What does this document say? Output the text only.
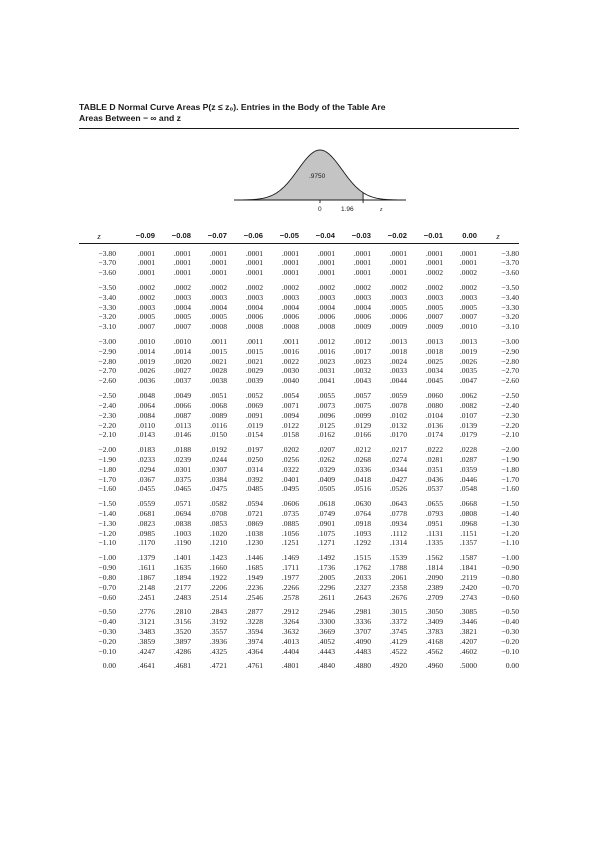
TABLE D Normal Curve Areas P(z ≤ z₀). Entries in the Body of the Table Are
Areas Between − ∞ and z
.9750
0	1.96	z
z	−0.09	−0.08	−0.07	−0.06	−0.05	−0.04	−0.03	−0.02	−0.01	0.00	z

−3.80	.0001	.0001	.0001	.0001	.0001	.0001	.0001	.0001	.0001	.0001	−3.80
−3.70	.0001	.0001	.0001	.0001	.0001	.0001	.0001	.0001	.0001	.0001	−3.70
−3.60	.0001	.0001	.0001	.0001	.0001	.0001	.0001	.0001	.0002	.0002	−3.60

−3.50	.0002	.0002	.0002	.0002	.0002	.0002	.0002	.0002	.0002	.0002	−3.50
−3.40	.0002	.0003	.0003	.0003	.0003	.0003	.0003	.0003	.0003	.0003	−3.40
−3.30	.0003	.0004	.0004	.0004	.0004	.0004	.0004	.0005	.0005	.0005	−3.30
−3.20	.0005	.0005	.0005	.0006	.0006	.0006	.0006	.0006	.0007	.0007	−3.20
−3.10	.0007	.0007	.0008	.0008	.0008	.0008	.0009	.0009	.0009	.0010	−3.10

−3.00	.0010	.0010	.0011	.0011	.0011	.0012	.0012	.0013	.0013	.0013	−3.00
−2.90	.0014	.0014	.0015	.0015	.0016	.0016	.0017	.0018	.0018	.0019	−2.90
−2.80	.0019	.0020	.0021	.0021	.0022	.0023	.0023	.0024	.0025	.0026	−2.80
−2.70	.0026	.0027	.0028	.0029	.0030	.0031	.0032	.0033	.0034	.0035	−2.70
−2.60	.0036	.0037	.0038	.0039	.0040	.0041	.0043	.0044	.0045	.0047	−2.60

−2.50	.0048	.0049	.0051	.0052	.0054	.0055	.0057	.0059	.0060	.0062	−2.50
−2.40	.0064	.0066	.0068	.0069	.0071	.0073	.0075	.0078	.0080	.0082	−2.40
−2.30	.0084	.0087	.0089	.0091	.0094	.0096	.0099	.0102	.0104	.0107	−2.30
−2.20	.0110	.0113	.0116	.0119	.0122	.0125	.0129	.0132	.0136	.0139	−2.20
−2.10	.0143	.0146	.0150	.0154	.0158	.0162	.0166	.0170	.0174	.0179	−2.10

−2.00	.0183	.0188	.0192	.0197	.0202	.0207	.0212	.0217	.0222	.0228	−2.00
−1.90	.0233	.0239	.0244	.0250	.0256	.0262	.0268	.0274	.0281	.0287	−1.90
−1.80	.0294	.0301	.0307	.0314	.0322	.0329	.0336	.0344	.0351	.0359	−1.80
−1.70	.0367	.0375	.0384	.0392	.0401	.0409	.0418	.0427	.0436	.0446	−1.70
−1.60	.0455	.0465	.0475	.0485	.0495	.0505	.0516	.0526	.0537	.0548	−1.60

−1.50	.0559	.0571	.0582	.0594	.0606	.0618	.0630	.0643	.0655	.0668	−1.50
−1.40	.0681	.0694	.0708	.0721	.0735	.0749	.0764	.0778	.0793	.0808	−1.40
−1.30	.0823	.0838	.0853	.0869	.0885	.0901	.0918	.0934	.0951	.0968	−1.30
−1.20	.0985	.1003	.1020	.1038	.1056	.1075	.1093	.1112	.1131	.1151	−1.20
−1.10	.1170	.1190	.1210	.1230	.1251	.1271	.1292	.1314	.1335	.1357	−1.10

−1.00	.1379	.1401	.1423	.1446	.1469	.1492	.1515	.1539	.1562	.1587	−1.00
−0.90	.1611	.1635	.1660	.1685	.1711	.1736	.1762	.1788	.1814	.1841	−0.90
−0.80	.1867	.1894	.1922	.1949	.1977	.2005	.2033	.2061	.2090	.2119	−0.80
−0.70	.2148	.2177	.2206	.2236	.2266	.2296	.2327	.2358	.2389	.2420	−0.70
−0.60	.2451	.2483	.2514	.2546	.2578	.2611	.2643	.2676	.2709	.2743	−0.60

−0.50	.2776	.2810	.2843	.2877	.2912	.2946	.2981	.3015	.3050	.3085	−0.50
−0.40	.3121	.3156	.3192	.3228	.3264	.3300	.3336	.3372	.3409	.3446	−0.40
−0.30	.3483	.3520	.3557	.3594	.3632	.3669	.3707	.3745	.3783	.3821	−0.30
−0.20	.3859	.3897	.3936	.3974	.4013	.4052	.4090	.4129	.4168	.4207	−0.20
−0.10	.4247	.4286	.4325	.4364	.4404	.4443	.4483	.4522	.4562	.4602	−0.10

0.00	.4641	.4681	.4721	.4761	.4801	.4840	.4880	.4920	.4960	.5000	0.00
